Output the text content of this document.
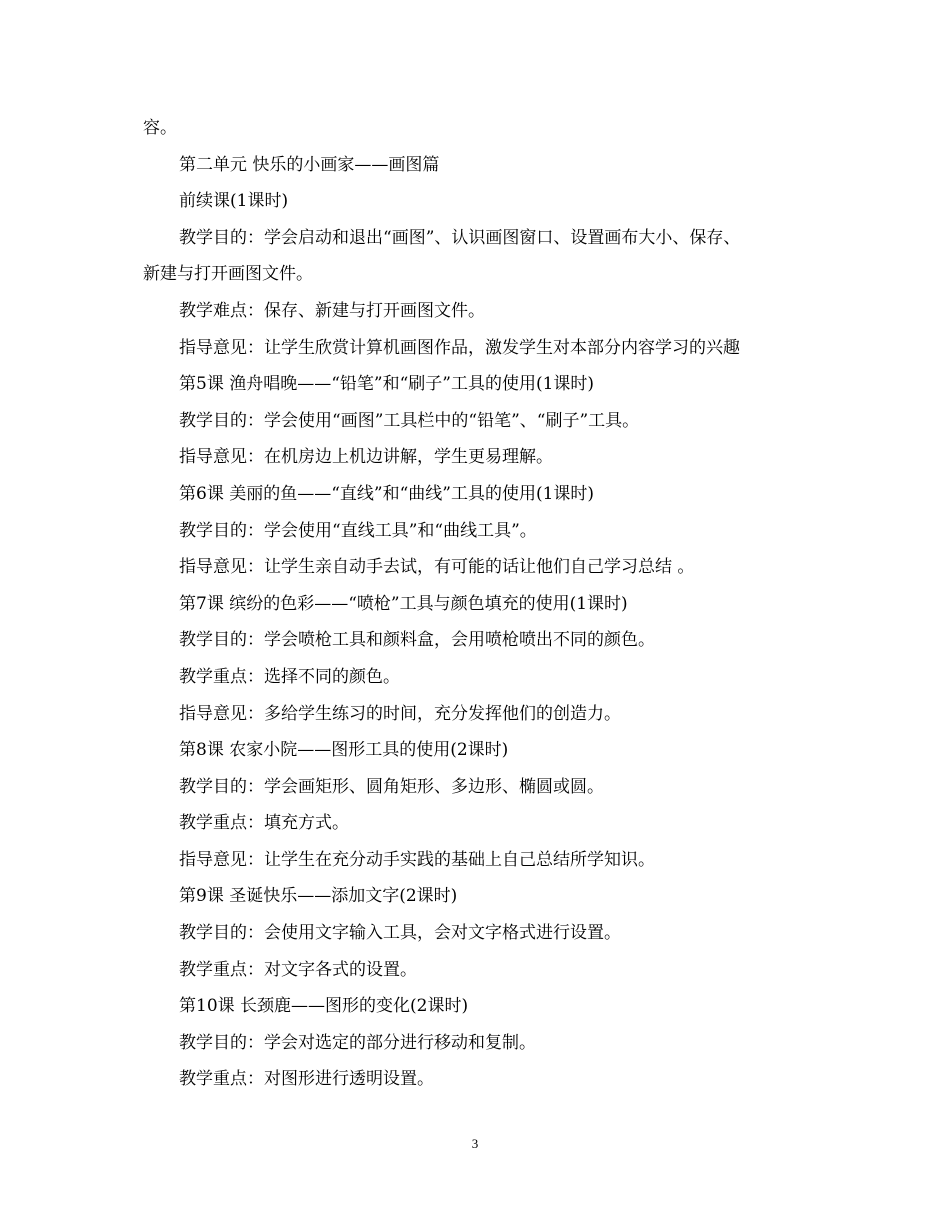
容。
第二单元 快乐的小画家——画图篇
前续课(1课时)
教学目的：学会启动和退出“画图”、认识画图窗口、设置画布大小、保存、
新建与打开画图文件。
教学难点：保存、新建与打开画图文件。
指导意见：让学生欣赏计算机画图作品，激发学生对本部分内容学习的兴趣
第5课 渔舟唱晚——“铅笔”和“刷子”工具的使用(1课时)
教学目的：学会使用“画图”工具栏中的“铅笔”、“刷子”工具。
指导意见：在机房边上机边讲解，学生更易理解。
第6课 美丽的鱼——“直线”和“曲线”工具的使用(1课时)
教学目的：学会使用“直线工具”和“曲线工具”。
指导意见：让学生亲自动手去试，有可能的话让他们自己学习总结 。
第7课 缤纷的色彩——“喷枪”工具与颜色填充的使用(1课时)
教学目的：学会喷枪工具和颜料盒，会用喷枪喷出不同的颜色。
教学重点：选择不同的颜色。
指导意见：多给学生练习的时间，充分发挥他们的创造力。
第8课 农家小院——图形工具的使用(2课时)
教学目的：学会画矩形、圆角矩形、多边形、椭圆或圆。
教学重点：填充方式。
指导意见：让学生在充分动手实践的基础上自己总结所学知识。
第9课 圣诞快乐——添加文字(2课时)
教学目的：会使用文字输入工具，会对文字格式进行设置。
教学重点：对文字各式的设置。
第10课 长颈鹿——图形的变化(2课时)
教学目的：学会对选定的部分进行移动和复制。
教学重点：对图形进行透明设置。
3
